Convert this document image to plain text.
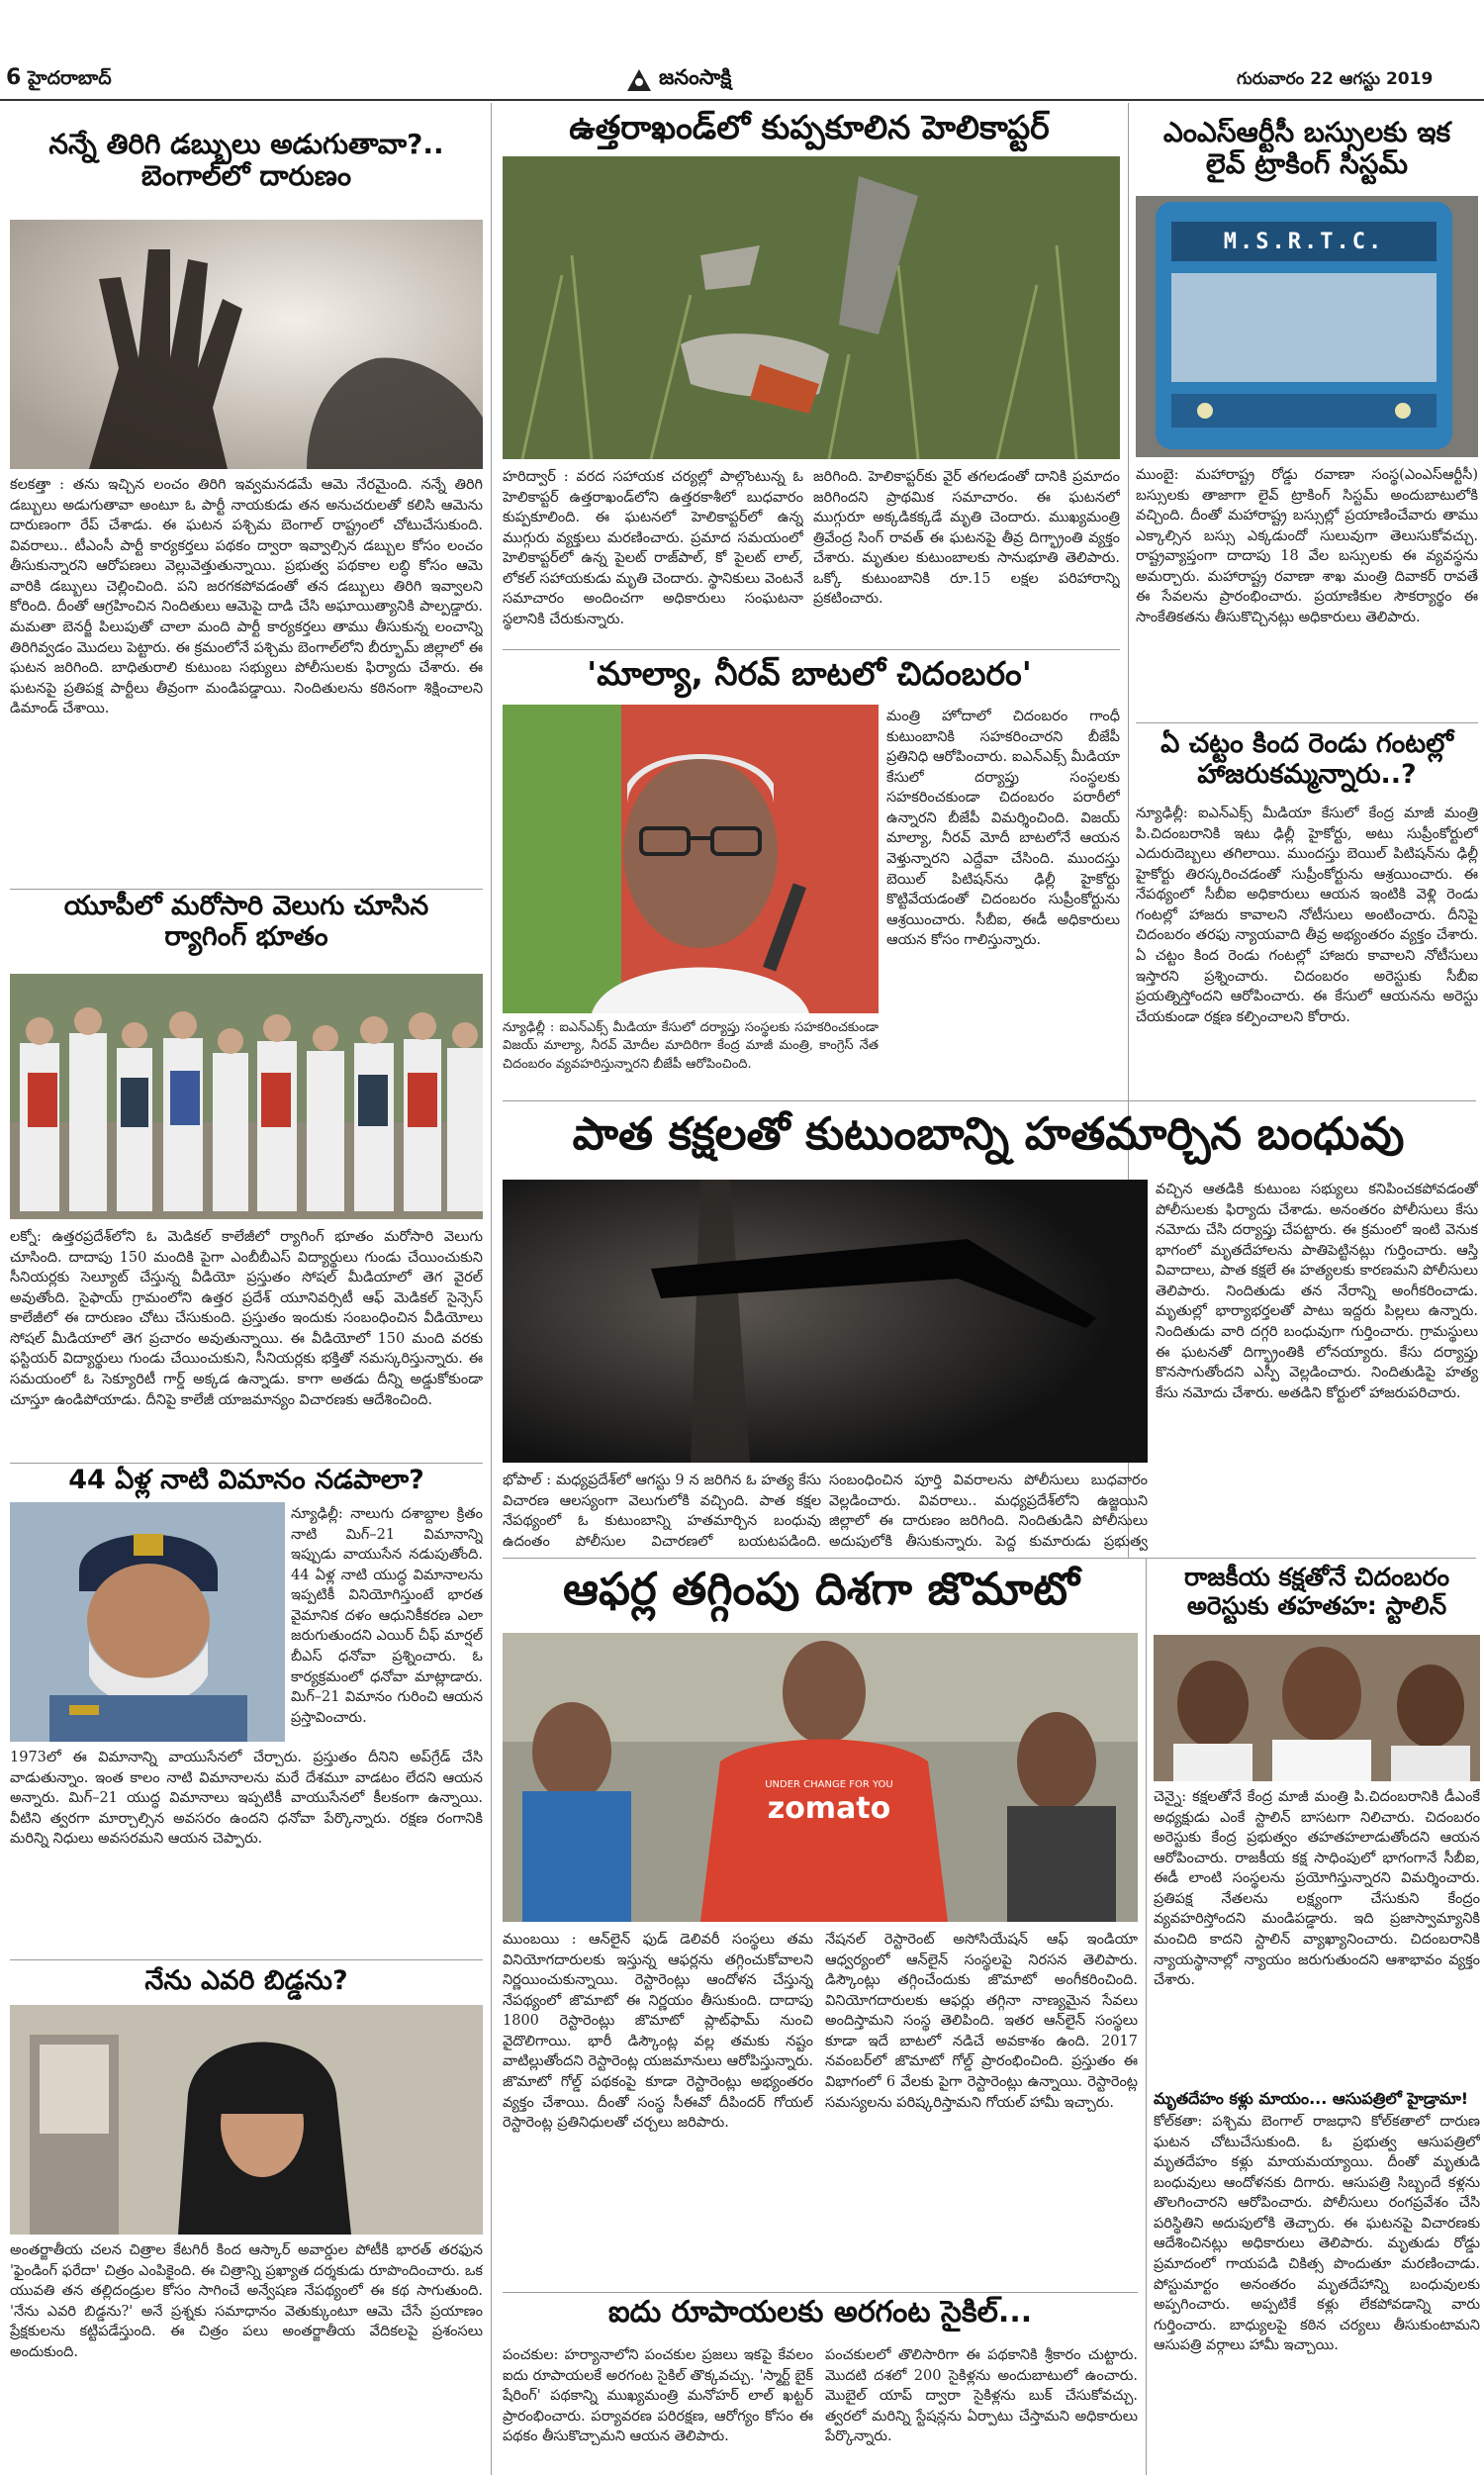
6 హైదరాబాద్	జనంసాక్షి	గురువారం 22 ఆగస్టు 2019
నన్నే తిరిగి డబ్బులు అడుగుతావా?..
బెంగాల్‌లో దారుణం
కలకత్తా : తను ఇచ్చిన లంచం తిరిగి ఇవ్వమనడమే ఆమె నేరమైంది. నన్నే తిరిగి డబ్బులు అడుగుతావా అంటూ ఓ పార్టీ నాయకుడు తన అనుచరులతో కలిసి ఆమెను దారుణంగా రేప్‌ చేశాడు. ఈ ఘటన పశ్చిమ బెంగాల్‌ రాష్ట్రంలో చోటుచేసుకుంది. వివరాలు.. టీఎంసీ పార్టీ కార్యకర్తలు పథకం ద్వారా ఇవ్వాల్సిన డబ్బుల కోసం లంచం తీసుకున్నారని ఆరోపణలు వెల్లువెత్తుతున్నాయి. ప్రభుత్వ పథకాల లబ్ధి కోసం ఆమె వారికి డబ్బులు చెల్లించింది. పని జరగకపోవడంతో తన డబ్బులు తిరిగి ఇవ్వాలని కోరింది. దీంతో ఆగ్రహించిన నిందితులు ఆమెపై దాడి చేసి అఘాయిత్యానికి పాల్పడ్డారు. మమతా బెనర్జీ పిలుపుతో చాలా మంది పార్టీ కార్యకర్తలు తాము తీసుకున్న లంచాన్ని తిరిగివ్వడం మొదలు పెట్టారు. ఈ క్రమంలోనే పశ్చిమ బెంగాల్‌లోని బీర్భూమ్‌ జిల్లాలో ఈ ఘటన జరిగింది. బాధితురాలి కుటుంబ సభ్యులు పోలీసులకు ఫిర్యాదు చేశారు. ఈ ఘటనపై ప్రతిపక్ష పార్టీలు తీవ్రంగా మండిపడ్డాయి. నిందితులను కఠినంగా శిక్షించాలని డిమాండ్‌ చేశాయి.
యూపీలో మరోసారి వెలుగు చూసిన
ర్యాగింగ్‌ భూతం
లక్నో: ఉత్తరప్రదేశ్‌లోని ఓ మెడికల్‌ కాలేజీలో ర్యాగింగ్‌ భూతం మరోసారి వెలుగు చూసింది. దాదాపు 150 మందికి పైగా ఎంబీబీఎస్‌ విద్యార్థులు గుండు చేయించుకుని సీనియర్లకు సెల్యూట్‌ చేస్తున్న వీడియో ప్రస్తుతం సోషల్‌ మీడియాలో తెగ వైరల్‌ అవుతోంది. సైఫాయ్‌ గ్రామంలోని ఉత్తర ప్రదేశ్‌ యూనివర్సిటీ ఆఫ్‌ మెడికల్‌ సైన్సెస్‌ కాలేజీలో ఈ దారుణం చోటు చేసుకుంది. ప్రస్తుతం ఇందుకు సంబంధించిన వీడియోలు సోషల్‌ మీడియాలో తెగ ప్రచారం అవుతున్నాయి. ఈ వీడియోలో 150 మంది వరకు ఫస్టియర్‌ విద్యార్థులు గుండు చేయించుకుని, సీనియర్లకు భక్తితో నమస్కరిస్తున్నారు. ఈ సమయంలో ఓ సెక్యూరిటీ గార్డ్‌ అక్కడ ఉన్నాడు. కాగా అతడు దీన్ని అడ్డుకోకుండా చూస్తూ ఉండిపోయాడు. దీనిపై కాలేజీ యాజమాన్యం విచారణకు ఆదేశించింది.
44 ఏళ్ల నాటి విమానం నడపాలా?
న్యూఢిల్లీ: నాలుగు దశాబ్దాల క్రితం నాటి మిగ్‌–21 విమానాన్ని ఇప్పుడు వాయుసేన నడుపుతోంది. 44 ఏళ్ల నాటి యుద్ధ విమానాలను ఇప్పటికీ వినియోగిస్తుంటే భారత వైమానిక దళం ఆధునికీకరణ ఎలా జరుగుతుందని ఎయిర్‌ చీఫ్‌ మార్షల్‌ బీఎస్‌ ధనోవా ప్రశ్నించారు. ఓ కార్యక్రమంలో ధనోవా మాట్లాడారు. మిగ్‌–21 విమానం గురించి ఆయన ప్రస్తావించారు.
1973లో ఈ విమానాన్ని వాయుసేనలో చేర్చారు. ప్రస్తుతం దీనిని అప్‌గ్రేడ్‌ చేసి వాడుతున్నాం. ఇంత కాలం నాటి విమానాలను మరే దేశమూ వాడటం లేదని ఆయన అన్నారు. మిగ్‌–21 యుద్ధ విమానాలు ఇప్పటికీ వాయుసేనలో కీలకంగా ఉన్నాయి. వీటిని త్వరగా మార్చాల్సిన అవసరం ఉందని ధనోవా పేర్కొన్నారు. రక్షణ రంగానికి మరిన్ని నిధులు అవసరమని ఆయన చెప్పారు.
నేను ఎవరి బిడ్డను?
అంతర్జాతీయ చలన చిత్రాల కేటగిరీ కింద ఆస్కార్‌ అవార్డుల పోటీకి భారత్‌ తరఫున 'ఫైండింగ్‌ ఫరేదా' చిత్రం ఎంపికైంది. ఈ చిత్రాన్ని ప్రఖ్యాత దర్శకుడు రూపొందించారు. ఒక యువతి తన తల్లిదండ్రుల కోసం సాగించే అన్వేషణ నేపథ్యంలో ఈ కథ సాగుతుంది. 'నేను ఎవరి బిడ్డను?' అనే ప్రశ్నకు సమాధానం వెతుక్కుంటూ ఆమె చేసే ప్రయాణం ప్రేక్షకులను కట్టిపడేస్తుంది. ఈ చిత్రం పలు అంతర్జాతీయ వేదికలపై ప్రశంసలు అందుకుంది.
ఉత్తరాఖండ్‌లో కుప్పకూలిన హెలికాప్టర్‌
హరిద్వార్‌ : వరద సహాయక చర్యల్లో పాల్గొంటున్న ఓ హెలికాప్టర్‌ ఉత్తరాఖండ్‌లోని ఉత్తరకాశీలో బుధవారం కుప్పకూలింది. ఈ ఘటనలో హెలికాప్టర్‌లో ఉన్న ముగ్గురు వ్యక్తులు మరణించారు. ప్రమాద సమయంలో హెలికాప్టర్‌లో ఉన్న పైలట్‌ రాజ్‌పాల్‌, కో పైలట్‌ లాల్‌, లోకల్‌ సహాయకుడు మృతి చెందారు. స్థానికులు వెంటనే సమాచారం అందించగా అధికారులు సంఘటనా స్థలానికి చేరుకున్నారు.
జరిగింది. హెలికాప్టర్‌కు వైర్‌ తగలడంతో దానికి ప్రమాదం జరిగిందని ప్రాథమిక సమాచారం. ఈ ఘటనలో ముగ్గురూ అక్కడికక్కడే మృతి చెందారు. ముఖ్యమంత్రి త్రివేంద్ర సింగ్‌ రావత్‌ ఈ ఘటనపై తీవ్ర దిగ్భ్రాంతి వ్యక్తం చేశారు. మృతుల కుటుంబాలకు సానుభూతి తెలిపారు. ఒక్కో కుటుంబానికి రూ.15 లక్షల పరిహారాన్ని ప్రకటించారు.
'మాల్యా, నీరవ్‌ బాటలో చిదంబరం'
మంత్రి హోదాలో చిదంబరం గాంధీ కుటుంబానికి సహకరించారని బీజేపీ ప్రతినిధి ఆరోపించారు. ఐఎన్‌ఎక్స్‌ మీడియా కేసులో దర్యాప్తు సంస్థలకు సహకరించకుండా చిదంబరం పరారీలో ఉన్నారని బీజేపీ విమర్శించింది. విజయ్‌ మాల్యా, నీరవ్‌ మోదీ బాటలోనే ఆయన వెళ్తున్నారని ఎద్దేవా చేసింది. ముందస్తు బెయిల్‌ పిటిషన్‌ను ఢిల్లీ హైకోర్టు కొట్టివేయడంతో చిదంబరం సుప్రీంకోర్టును ఆశ్రయించారు. సీబీఐ, ఈడీ అధికారులు ఆయన కోసం గాలిస్తున్నారు.
న్యూఢిల్లీ : ఐఎన్‌ఎక్స్‌ మీడియా కేసులో దర్యాప్తు సంస్థలకు సహకరించకుండా విజయ్‌ మాల్యా, నీరవ్‌ మోదీల మాదిరిగా కేంద్ర మాజీ మంత్రి, కాంగ్రెస్‌ నేత చిదంబరం వ్యవహరిస్తున్నారని బీజేపీ ఆరోపించింది.
పాత కక్షలతో కుటుంబాన్ని హతమార్చిన బంధువు
భోపాల్‌ : మధ్యప్రదేశ్‌లో ఆగస్టు 9 న జరిగిన ఓ హత్య కేసు విచారణ ఆలస్యంగా వెలుగులోకి వచ్చింది. పాత కక్షల నేపథ్యంలో ఓ కుటుంబాన్ని హతమార్చిన బంధువు ఉదంతం పోలీసుల విచారణలో బయటపడింది.
సంబంధించిన పూర్తి వివరాలను పోలీసులు బుధవారం వెల్లడించారు. వివరాలు.. మధ్యప్రదేశ్‌లోని ఉజ్జయిని జిల్లాలో ఈ దారుణం జరిగింది. నిందితుడిని పోలీసులు అదుపులోకి తీసుకున్నారు. పెద్ద కుమారుడు ప్రభుత్వ
వచ్చిన ఆతడికి కుటుంబ సభ్యులు కనిపించకపోవడంతో పోలీసులకు ఫిర్యాదు చేశాడు. అనంతరం పోలీసులు కేసు నమోదు చేసి దర్యాప్తు చేపట్టారు. ఈ క్రమంలో ఇంటి వెనుక భాగంలో మృతదేహాలను పాతిపెట్టినట్లు గుర్తించారు. ఆస్తి వివాదాలు, పాత కక్షలే ఈ హత్యలకు కారణమని పోలీసులు తెలిపారు. నిందితుడు తన నేరాన్ని అంగీకరించాడు. మృతుల్లో భార్యాభర్తలతో పాటు ఇద్దరు పిల్లలు ఉన్నారు. నిందితుడు వారి దగ్గరి బంధువుగా గుర్తించారు. గ్రామస్థులు ఈ ఘటనతో దిగ్భ్రాంతికి లోనయ్యారు. కేసు దర్యాప్తు కొనసాగుతోందని ఎస్పీ వెల్లడించారు. నిందితుడిపై హత్య కేసు నమోదు చేశారు. అతడిని కోర్టులో హాజరుపరిచారు.
ఆఫర్ల తగ్గింపు దిశగా జొమాటో
UNDER CHANGE FOR YOU
zomato
ముంబయి : ఆన్‌లైన్‌ ఫుడ్‌ డెలివరీ సంస్థలు తమ వినియోగదారులకు ఇస్తున్న ఆఫర్లను తగ్గించుకోవాలని నిర్ణయించుకున్నాయి. రెస్టారెంట్లు ఆందోళన చేస్తున్న నేపథ్యంలో జొమాటో ఈ నిర్ణయం తీసుకుంది. దాదాపు 1800 రెస్టారెంట్లు జొమాటో ప్లాట్‌ఫామ్‌ నుంచి వైదొలిగాయి. భారీ డిస్కౌంట్ల వల్ల తమకు నష్టం వాటిల్లుతోందని రెస్టారెంట్ల యజమానులు ఆరోపిస్తున్నారు. జొమాటో గోల్డ్‌ పథకంపై కూడా రెస్టారెంట్లు అభ్యంతరం వ్యక్తం చేశాయి. దీంతో సంస్థ సీఈవో దీపిందర్‌ గోయల్‌ రెస్టారెంట్ల ప్రతినిధులతో చర్చలు జరిపారు.
నేషనల్‌ రెస్టారెంట్‌ అసోసియేషన్‌ ఆఫ్‌ ఇండియా ఆధ్వర్యంలో ఆన్‌లైన్‌ సంస్థలపై నిరసన తెలిపారు. డిస్కౌంట్లు తగ్గించేందుకు జొమాటో అంగీకరించింది. వినియోగదారులకు ఆఫర్లు తగ్గినా నాణ్యమైన సేవలు అందిస్తామని సంస్థ తెలిపింది. ఇతర ఆన్‌లైన్‌ సంస్థలు కూడా ఇదే బాటలో నడిచే అవకాశం ఉంది. 2017 నవంబర్‌లో జొమాటో గోల్డ్‌ ప్రారంభించింది. ప్రస్తుతం ఈ విభాగంలో 6 వేలకు పైగా రెస్టారెంట్లు ఉన్నాయి. రెస్టారెంట్ల సమస్యలను పరిష్కరిస్తామని గోయల్‌ హామీ ఇచ్చారు.
ఐదు రూపాయలకు అరగంట సైకిల్‌...
పంచకుల: హర్యానాలోని పంచకుల ప్రజలు ఇకపై కేవలం ఐదు రూపాయలకే అరగంట సైకిల్‌ తొక్కవచ్చు. 'స్మార్ట్‌ బైక్‌ షేరింగ్‌' పథకాన్ని ముఖ్యమంత్రి మనోహర్‌ లాల్‌ ఖట్టర్‌ ప్రారంభించారు. పర్యావరణ పరిరక్షణ, ఆరోగ్యం కోసం ఈ పథకం తీసుకొచ్చామని ఆయన తెలిపారు.
పంచకులలో తొలిసారిగా ఈ పథకానికి శ్రీకారం చుట్టారు. మొదటి దశలో 200 సైకిళ్లను అందుబాటులో ఉంచారు. మొబైల్‌ యాప్‌ ద్వారా సైకిళ్లను బుక్‌ చేసుకోవచ్చు. త్వరలో మరిన్ని స్టేషన్లను ఏర్పాటు చేస్తామని అధికారులు పేర్కొన్నారు.
ఎంఎస్‌ఆర్టీసీ బస్సులకు ఇక
లైవ్‌ ట్రాకింగ్‌ సిస్టమ్‌
M.S.R.T.C.
ముంబై: మహారాష్ట్ర రోడ్డు రవాణా సంస్థ(ఎంఎస్‌ఆర్టీసీ) బస్సులకు తాజాగా లైవ్‌ ట్రాకింగ్‌ సిస్టమ్‌ అందుబాటులోకి వచ్చింది. దీంతో మహారాష్ట్ర బస్సుల్లో ప్రయాణించేవారు తాము ఎక్కాల్సిన బస్సు ఎక్కడుందో సులువుగా తెలుసుకోవచ్చు. రాష్ట్రవ్యాప్తంగా దాదాపు 18 వేల బస్సులకు ఈ వ్యవస్థను అమర్చారు. మహారాష్ట్ర రవాణా శాఖ మంత్రి దివాకర్‌ రావతే ఈ సేవలను ప్రారంభించారు. ప్రయాణికుల సౌకర్యార్థం ఈ సాంకేతికతను తీసుకొచ్చినట్లు అధికారులు తెలిపారు.
ఏ చట్టం కింద రెండు గంటల్లో
హాజరుకమ్మన్నారు..?
న్యూఢిల్లీ: ఐఎన్‌ఎక్స్‌ మీడియా కేసులో కేంద్ర మాజీ మంత్రి పి.చిదంబరానికి ఇటు ఢిల్లీ హైకోర్టు, అటు సుప్రీంకోర్టులో ఎదురుదెబ్బలు తగిలాయి. ముందస్తు బెయిల్‌ పిటిషన్‌ను ఢిల్లీ హైకోర్టు తిరస్కరించడంతో సుప్రీంకోర్టును ఆశ్రయించారు. ఈ నేపథ్యంలో సీబీఐ అధికారులు ఆయన ఇంటికి వెళ్లి రెండు గంటల్లో హాజరు కావాలని నోటీసులు అంటించారు. దీనిపై చిదంబరం తరఫు న్యాయవాది తీవ్ర అభ్యంతరం వ్యక్తం చేశారు. ఏ చట్టం కింద రెండు గంటల్లో హాజరు కావాలని నోటీసులు ఇస్తారని ప్రశ్నించారు. చిదంబరం అరెస్టుకు సీబీఐ ప్రయత్నిస్తోందని ఆరోపించారు. ఈ కేసులో ఆయనను అరెస్టు చేయకుండా రక్షణ కల్పించాలని కోరారు.
రాజకీయ కక్షతోనే చిదంబరం
అరెస్టుకు తహతహ: స్టాలిన్‌
చెన్నై: కక్షలతోనే కేంద్ర మాజీ మంత్రి పి.చిదంబరానికి డీఎంకే అధ్యక్షుడు ఎంకే స్టాలిన్‌ బాసటగా నిలిచారు. చిదంబరం అరెస్టుకు కేంద్ర ప్రభుత్వం తహతహలాడుతోందని ఆయన ఆరోపించారు. రాజకీయ కక్ష సాధింపులో భాగంగానే సీబీఐ, ఈడీ లాంటి సంస్థలను ప్రయోగిస్తున్నారని విమర్శించారు. ప్రతిపక్ష నేతలను లక్ష్యంగా చేసుకుని కేంద్రం వ్యవహరిస్తోందని మండిపడ్డారు. ఇది ప్రజాస్వామ్యానికి మంచిది కాదని స్టాలిన్‌ వ్యాఖ్యానించారు. చిదంబరానికి న్యాయస్థానాల్లో న్యాయం జరుగుతుందని ఆశాభావం వ్యక్తం చేశారు.
మృతదేహం కళ్లు మాయం... ఆసుపత్రిలో హైడ్రామా!
కోల్‌కతా: పశ్చిమ బెంగాల్‌ రాజధాని కోల్‌కతాలో దారుణ ఘటన చోటుచేసుకుంది. ఓ ప్రభుత్వ ఆసుపత్రిలో మృతదేహం కళ్లు మాయమయ్యాయి. దీంతో మృతుడి బంధువులు ఆందోళనకు దిగారు. ఆసుపత్రి సిబ్బందే కళ్లను తొలగించారని ఆరోపించారు. పోలీసులు రంగప్రవేశం చేసి పరిస్థితిని అదుపులోకి తెచ్చారు. ఈ ఘటనపై విచారణకు ఆదేశించినట్లు అధికారులు తెలిపారు. మృతుడు రోడ్డు ప్రమాదంలో గాయపడి చికిత్స పొందుతూ మరణించాడు. పోస్టుమార్టం అనంతరం మృతదేహాన్ని బంధువులకు అప్పగించారు. అప్పటికే కళ్లు లేకపోవడాన్ని వారు గుర్తించారు. బాధ్యులపై కఠిన చర్యలు తీసుకుంటామని ఆసుపత్రి వర్గాలు హామీ ఇచ్చాయి.
